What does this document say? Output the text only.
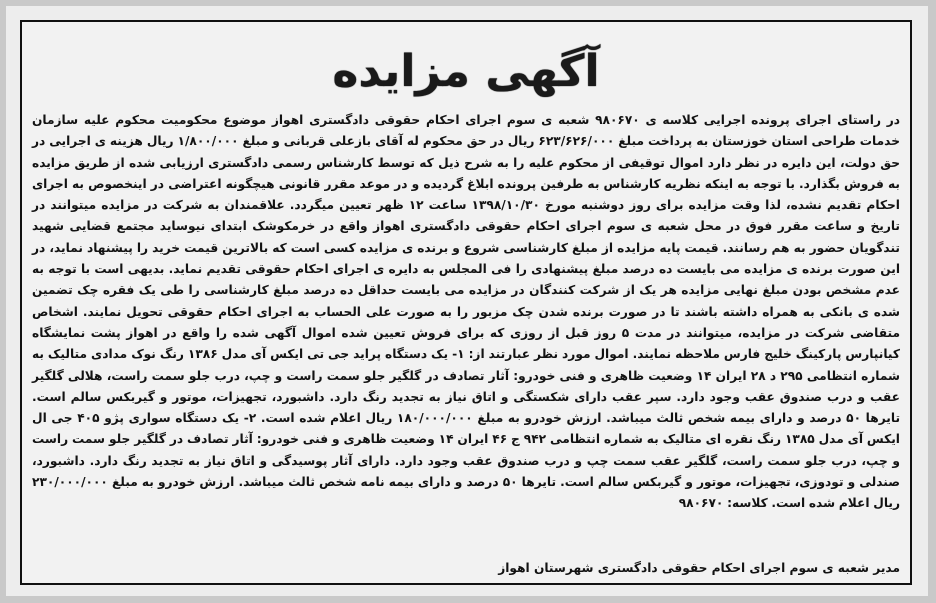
آگهی مزایده

در راستای اجرای پرونده اجرایی کلاسه ی ۹۸۰۶۷۰ شعبه ی سوم اجرای احکام حقوقی دادگستری اهواز موضوع محکومیت محکوم علیه سازمان خدمات طراحی استان خوزستان به پرداخت مبلغ ۶۲۳/۶۲۶/۰۰۰ ریال در حق محکوم له آقای بازعلی قربانی و مبلغ ۱/۸۰۰/۰۰۰ ریال هزینه ی اجرایی در حق دولت، این دایره در نظر دارد اموال توقیفی از محکوم علیه را به شرح ذیل که توسط کارشناس رسمی دادگستری ارزیابی شده از طریق مزایده به فروش بگذارد. با توجه به اینکه نظریه کارشناس به طرفین پرونده ابلاغ گردیده و در موعد مقرر قانونی هیچگونه اعتراضی در اینخصوص به اجرای احکام تقدیم نشده، لذا وقت مزایده برای روز دوشنبه مورخ ۱۳۹۸/۱۰/۳۰ ساعت ۱۲ ظهر تعیین میگردد. علاقمندان به شرکت در مزایده میتوانند در تاریخ و ساعت مقرر فوق در محل شعبه ی سوم اجرای احکام حقوقی دادگستری اهواز واقع در خرمکوشک ابتدای نیوساید مجتمع قضایی شهید تندگویان حضور به هم رسانند. قیمت پایه مزایده از مبلغ کارشناسی شروع و برنده ی مزایده کسی است که بالاترین قیمت خرید را پیشنهاد نماید، در این صورت برنده ی مزایده می بایست ده درصد مبلغ پیشنهادی را فی المجلس به دایره ی اجرای احکام حقوقی تقدیم نماید. بدیهی است با توجه به عدم مشخص بودن مبلغ نهایی مزایده هر یک از شرکت کنندگان در مزایده می بایست حداقل ده درصد مبلغ کارشناسی را طی یک فقره چک تضمین شده ی بانکی به همراه داشته باشند تا در صورت برنده شدن چک مزبور را به صورت علی الحساب به اجرای احکام حقوقی تحویل نمایند. اشخاص متقاضی شرکت در مزایده، میتوانند در مدت ۵ روز قبل از روزی که برای فروش تعیین شده اموال آگهی شده را واقع در اهواز پشت نمایشگاه کیانپارس پارکینگ خلیج فارس ملاحظه نمایند. اموال مورد نظر عبارتند از: ۱- یک دستگاه پراید جی تی ایکس آی مدل ۱۳۸۶ رنگ نوک مدادی متالیک به شماره انتظامی ۲۹۵ د ۲۸ ایران ۱۴ وضعیت ظاهری و فنی خودرو: آثار تصادف در گلگیر جلو سمت راست و چپ، درب جلو سمت راست، هلالی گلگیر عقب و درب صندوق عقب وجود دارد. سپر عقب دارای شکستگی و اتاق نیاز به تجدید رنگ دارد. داشبورد، تجهیزات، موتور و گیربکس سالم است. تایرها ۵۰ درصد و دارای بیمه شخص ثالث میباشد. ارزش خودرو به مبلغ ۱۸۰/۰۰۰/۰۰۰ ریال اعلام شده است. ۲- یک دستگاه سواری پژو ۴۰۵ جی ال ایکس آی مدل ۱۳۸۵ رنگ نقره ای متالیک به شماره انتظامی ۹۴۲ ج ۴۶ ایران ۱۴ وضعیت ظاهری و فنی خودرو: آثار تصادف در گلگیر جلو سمت راست و چپ، درب جلو سمت راست، گلگیر عقب سمت چپ و درب صندوق عقب وجود دارد. دارای آثار پوسیدگی و اتاق نیاز به تجدید رنگ دارد. داشبورد، صندلی و تودوزی، تجهیزات، موتور و گیربکس سالم است. تایرها ۵۰ درصد و دارای بیمه نامه شخص ثالث میباشد. ارزش خودرو به مبلغ ۲۳۰/۰۰۰/۰۰۰ ریال اعلام شده است. کلاسه: ۹۸۰۶۷۰

مدیر شعبه ی سوم اجرای احکام حقوقی دادگستری شهرستان اهواز
